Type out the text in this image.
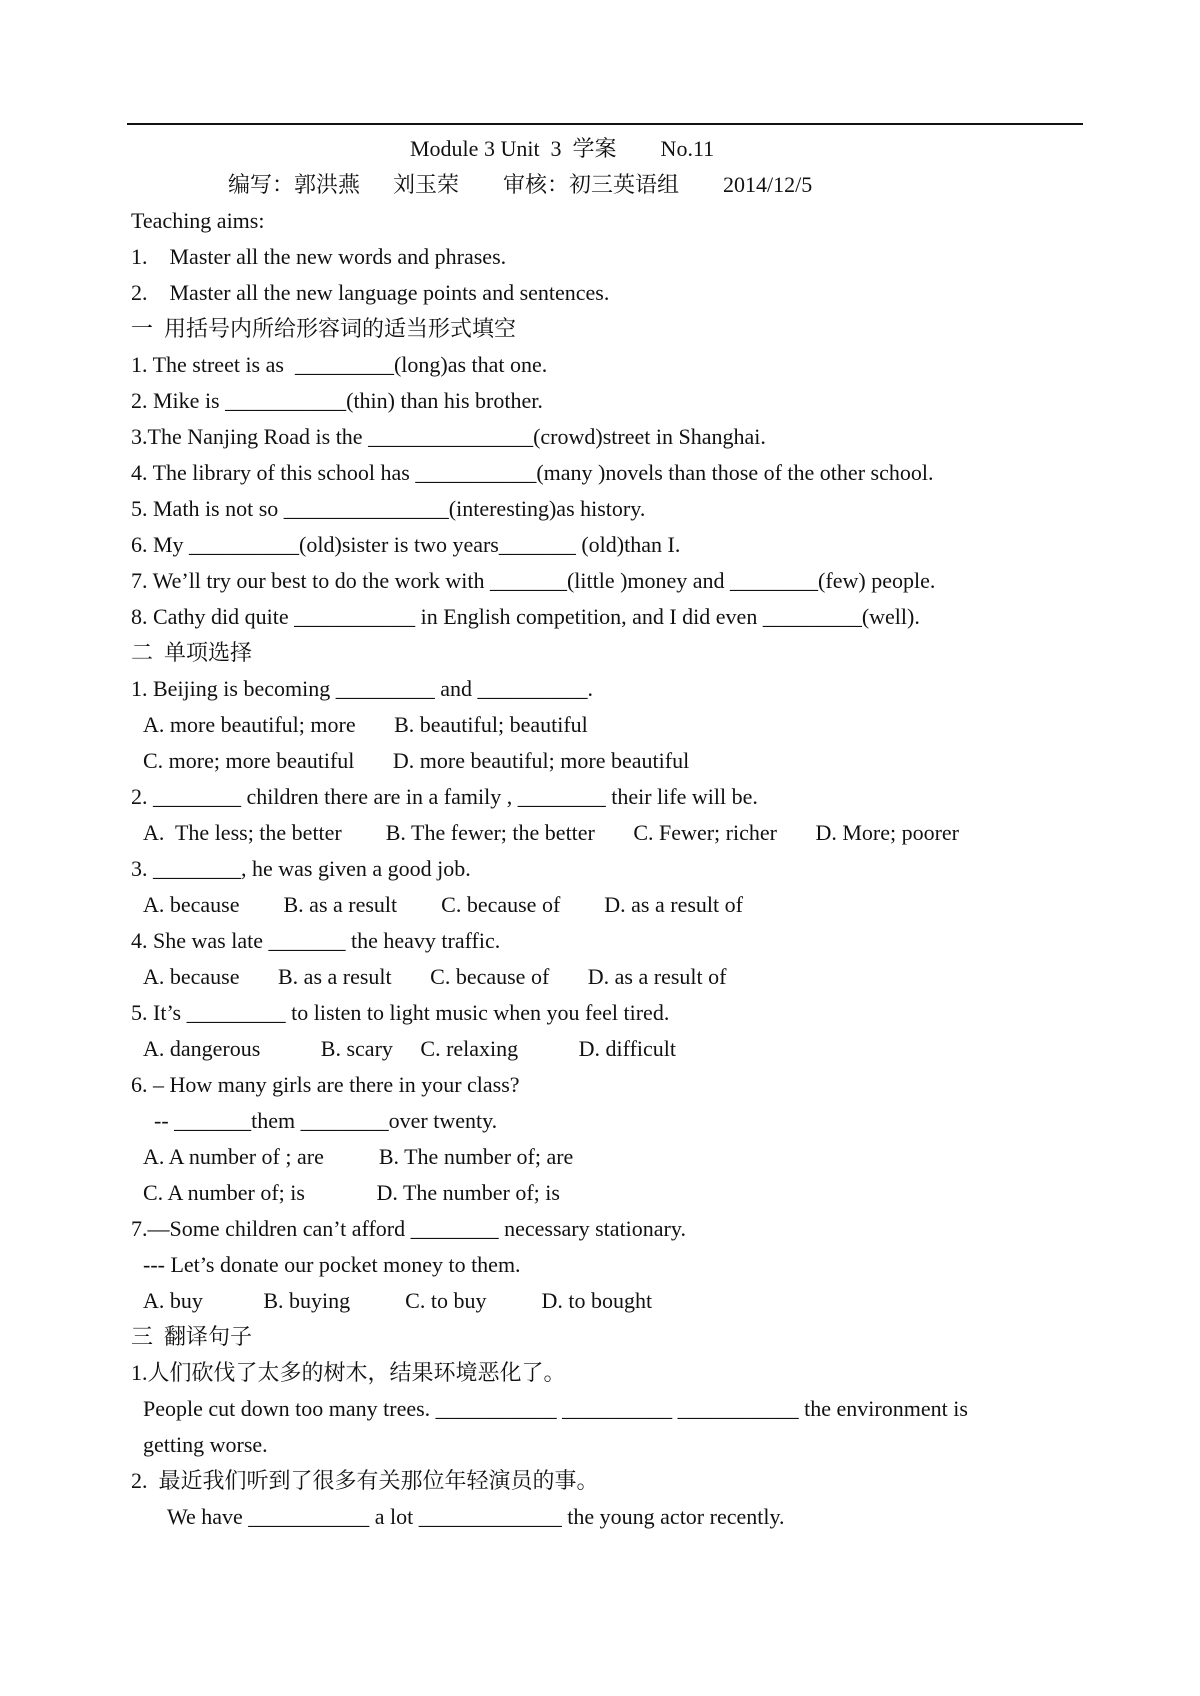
Module 3 Unit  3  学案        No.11
编写：郭洪燕      刘玉荣        审核：初三英语组        2014/12/5
Teaching aims:
1.    Master all the new words and phrases.
2.    Master all the new language points and sentences.
一  用括号内所给形容词的适当形式填空
1. The street is as  _________(long)as that one.
2. Mike is ___________(thin) than his brother.
3.The Nanjing Road is the _______________(crowd)street in Shanghai.
4. The library of this school has ___________(many )novels than those of the other school.
5. Math is not so _______________(interesting)as history.
6. My __________(old)sister is two years_______ (old)than I.
7. We’ll try our best to do the work with _______(little )money and ________(few) people.
8. Cathy did quite ___________ in English competition, and I did even _________(well).
二  单项选择
1. Beijing is becoming _________ and __________.
A. more beautiful; more       B. beautiful; beautiful
C. more; more beautiful       D. more beautiful; more beautiful
2. ________ children there are in a family , ________ their life will be.
A.  The less; the better        B. The fewer; the better       C. Fewer; richer       D. More; poorer
3. ________, he was given a good job.
A. because        B. as a result        C. because of        D. as a result of
4. She was late _______ the heavy traffic.
A. because       B. as a result       C. because of       D. as a result of
5. It’s _________ to listen to light music when you feel tired.
A. dangerous           B. scary     C. relaxing           D. difficult
6. – How many girls are there in your class?
-- _______them ________over twenty.
A. A number of ; are          B. The number of; are
C. A number of; is             D. The number of; is
7.—Some children can’t afford ________ necessary stationary.
--- Let’s donate our pocket money to them.
A. buy           B. buying          C. to buy          D. to bought
三  翻译句子
1.人们砍伐了太多的树木，结果环境恶化了。
People cut down too many trees. ___________ __________ ___________ the environment is
getting worse.
2.  最近我们听到了很多有关那位年轻演员的事。
We have ___________ a lot _____________ the young actor recently.
